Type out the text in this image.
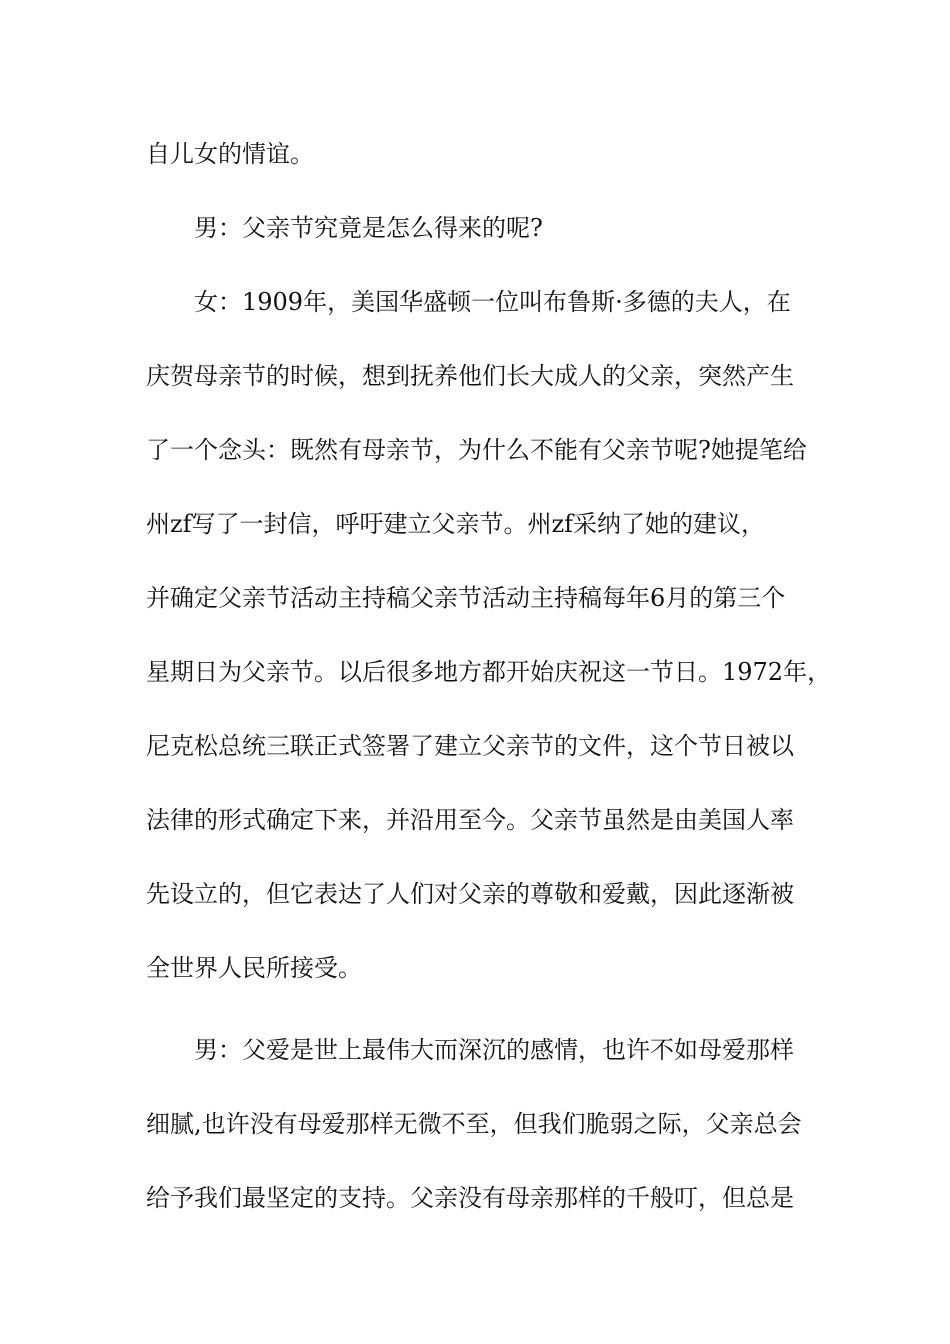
自儿女的情谊。
男：父亲节究竟是怎么得来的呢?
女：1909年，美国华盛顿一位叫布鲁斯·多德的夫人，在
庆贺母亲节的时候，想到抚养他们长大成人的父亲，突然产生
了一个念头：既然有母亲节，为什么不能有父亲节呢?她提笔给
州zf写了一封信，呼吁建立父亲节。州zf采纳了她的建议，
并确定父亲节活动主持稿父亲节活动主持稿每年6月的第三个
星期日为父亲节。以后很多地方都开始庆祝这一节日。1972年，
尼克松总统三联正式签署了建立父亲节的文件，这个节日被以
法律的形式确定下来，并沿用至今。父亲节虽然是由美国人率
先设立的，但它表达了人们对父亲的尊敬和爱戴，因此逐渐被
全世界人民所接受。
男：父爱是世上最伟大而深沉的感情，也许不如母爱那样
细腻,也许没有母爱那样无微不至，但我们脆弱之际，父亲总会
给予我们最坚定的支持。父亲没有母亲那样的千般叮，但总是
